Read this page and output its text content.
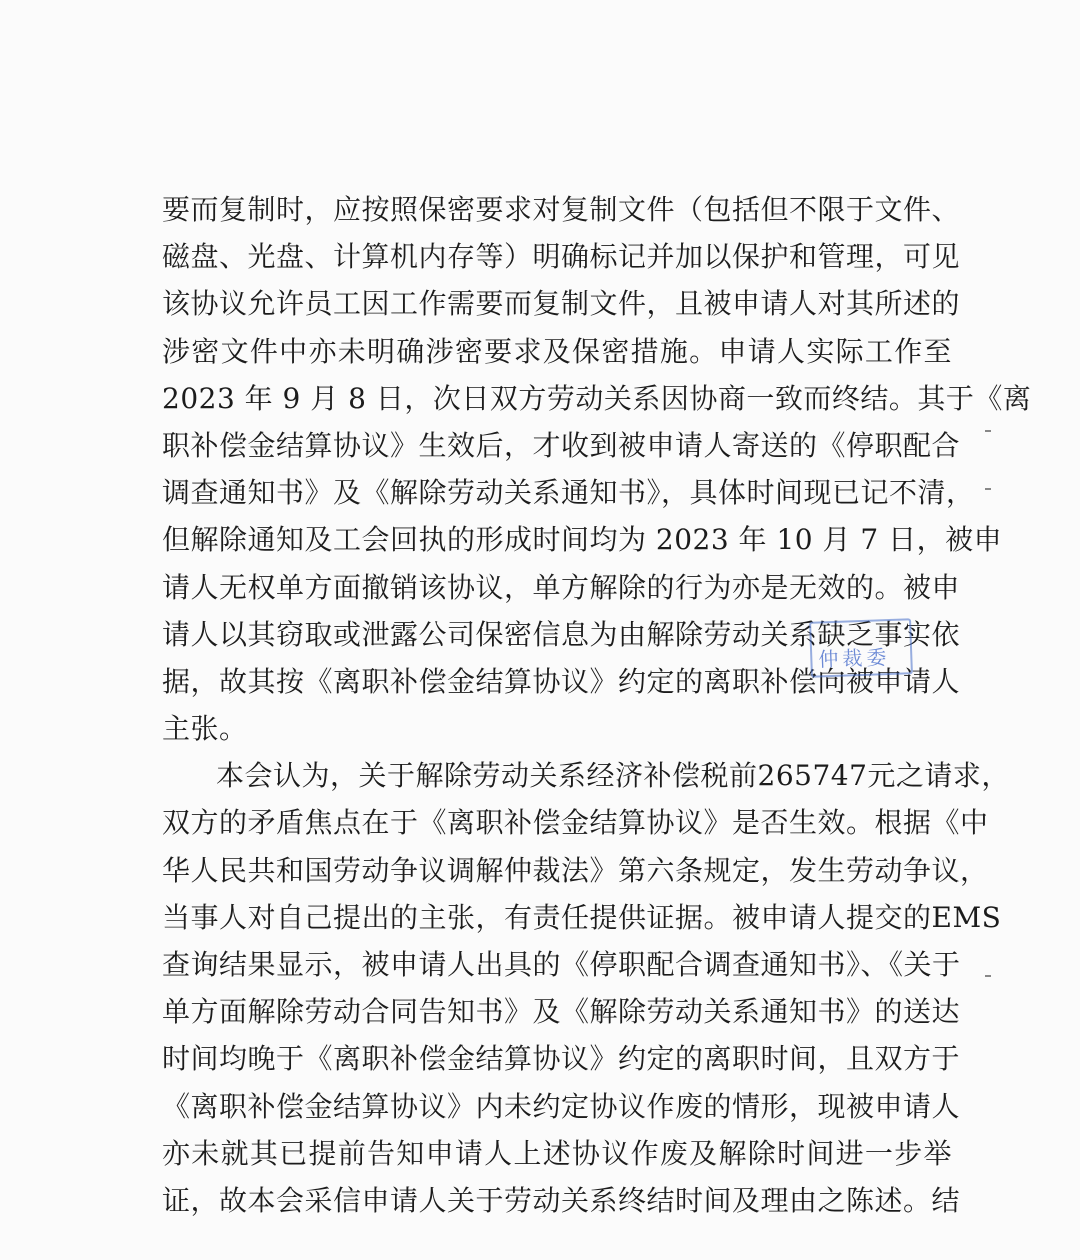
要而复制时，应按照保密要求对复制文件（包括但不限于文件、
磁盘、光盘、计算机内存等）明确标记并加以保护和管理，可见
该协议允许员工因工作需要而复制文件，且被申请人对其所述的
涉密文件中亦未明确涉密要求及保密措施。申请人实际工作至
2023 年 9 月 8 日，次日双方劳动关系因协商一致而终结。其于《离
职补偿金结算协议》生效后，才收到被申请人寄送的《停职配合
调查通知书》及《解除劳动关系通知书》，具体时间现已记不清，
但解除通知及工会回执的形成时间均为 2023 年 10 月 7 日，被申
请人无权单方面撤销该协议，单方解除的行为亦是无效的。被申
请人以其窃取或泄露公司保密信息为由解除劳动关系缺乏事实依
据，故其按《离职补偿金结算协议》约定的离职补偿向被申请人
主张。
本会认为，关于解除劳动关系经济补偿税前265747元之请求，
双方的矛盾焦点在于《离职补偿金结算协议》是否生效。根据《中
华人民共和国劳动争议调解仲裁法》第六条规定，发生劳动争议，
当事人对自己提出的主张，有责任提供证据。被申请人提交的EMS
查询结果显示，被申请人出具的《停职配合调查通知书》、《关于
单方面解除劳动合同告知书》及《解除劳动关系通知书》的送达
时间均晚于《离职补偿金结算协议》约定的离职时间，且双方于
《离职补偿金结算协议》内未约定协议作废的情形，现被申请人
亦未就其已提前告知申请人上述协议作废及解除时间进一步举
证，故本会采信申请人关于劳动关系终结时间及理由之陈述。结
仲裁委
